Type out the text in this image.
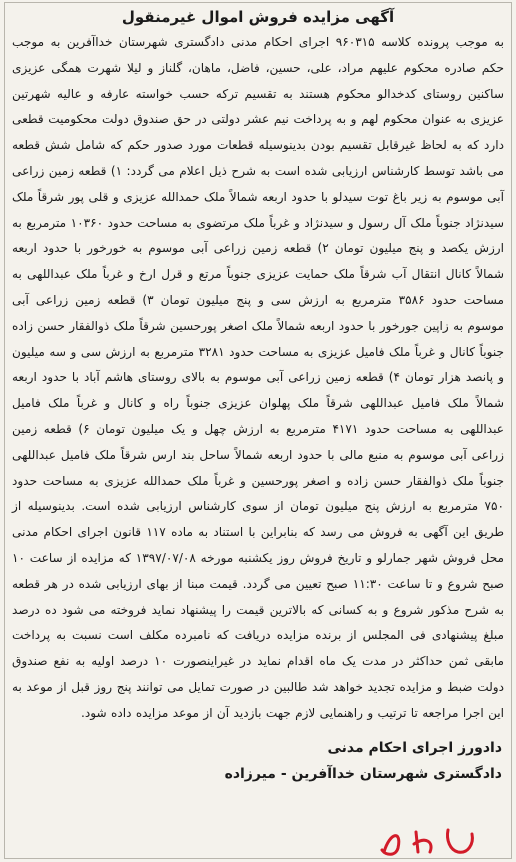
آگهی مزایده فروش اموال غیرمنقول
به موجب پرونده کلاسه ۹۶۰۳۱۵ اجرای احکام مدنی دادگستری شهرستان خداآفرین به موجب حکم صادره محکوم علیهم مراد، علی، حسین، فاضل، ماهان، گلناز و لیلا شهرت همگی عزیزی ساکنین روستای کدخدالو محکوم هستند به تقسیم ترکه حسب خواسته عارفه و عالیه شهرتین عزیزی به عنوان محکوم لهم و به پرداخت نیم عشر دولتی در حق صندوق دولت محکومیت قطعی دارد که به لحاظ غیرقابل تقسیم بودن بدینوسیله قطعات مورد صدور حکم که شامل شش قطعه می باشد توسط کارشناس ارزیابی شده است به شرح ذیل اعلام می گردد: ۱) قطعه زمین زراعی آبی موسوم به زیر باغ توت سیدلو با حدود اربعه شمالاً ملک حمدالله عزیزی و قلی پور شرقاً ملک سیدنژاد جنوباً ملک آل رسول و سیدنژاد و غرباً ملک مرتضوی به مساحت حدود ۱۰۳۶۰ مترمربع به ارزش یکصد و پنج میلیون تومان ۲) قطعه زمین زراعی آبی موسوم به خورخور با حدود اربعه شمالاً کانال انتقال آب شرقاً ملک حمایت عزیزی جنوباً مرتع و قرل ارخ و غرباً ملک عبداللهی به مساحت حدود ۳۵۸۶ مترمربع به ارزش سی و پنج میلیون تومان ۳) قطعه زمین زراعی آبی موسوم به زاپین جورخور با حدود اربعه شمالاً ملک اصغر پورحسین شرقاً ملک ذوالفقار حسن زاده جنوباً کانال و غرباً ملک فامیل عزیزی به مساحت حدود ۳۲۸۱ مترمربع به ارزش سی و سه میلیون و پانصد هزار تومان ۴) قطعه زمین زراعی آبی موسوم به بالای روستای هاشم آباد با حدود اربعه شمالاً ملک فامیل عبداللهی شرقاً ملک پهلوان عزیزی جنوباً راه و کانال و غرباً ملک فامیل عبداللهی به مساحت حدود ۴۱۷۱ مترمربع به ارزش چهل و یک میلیون تومان ۶) قطعه زمین زراعی آبی موسوم به منبع مالی با حدود اربعه شمالاً ساحل بند ارس شرقاً ملک فامیل عبداللهی جنوباً ملک ذوالفقار حسن زاده و اصغر پورحسین و غرباً ملک حمدالله عزیزی به مساحت حدود ۷۵۰ مترمربع به ارزش پنج میلیون تومان از سوی کارشناس ارزیابی شده است. بدینوسیله از طریق این آگهی به فروش می رسد که بنابراین با استناد به ماده ۱۱۷ قانون اجرای احکام مدنی محل فروش شهر جمارلو و تاریخ فروش روز یکشنبه مورخه ۱۳۹۷/۰۷/۰۸ که مزایده از ساعت ۱۰ صبح شروع و تا ساعت ۱۱:۳۰ صبح تعیین می گردد. قیمت مبنا از بهای ارزیابی شده در هر قطعه به شرح مذکور شروع و به کسانی که بالاترین قیمت را پیشنهاد نماید فروخته می شود ده درصد مبلغ پیشنهادی فی المجلس از برنده مزایده دریافت که نامبرده مکلف است نسبت به پرداخت مابقی ثمن حداکثر در مدت یک ماه اقدام نماید در غیراینصورت ۱۰ درصد اولیه به نفع صندوق دولت ضبط و مزایده تجدید خواهد شد طالبین در صورت تمایل می توانند پنج روز قبل از موعد به این اجرا مراجعه تا ترتیب و راهنمایی لازم جهت بازدید آن از موعد مزایده داده شود.
دادورز اجرای احکام مدنی
دادگستری شهرستان خداآفرین - میرزاده
